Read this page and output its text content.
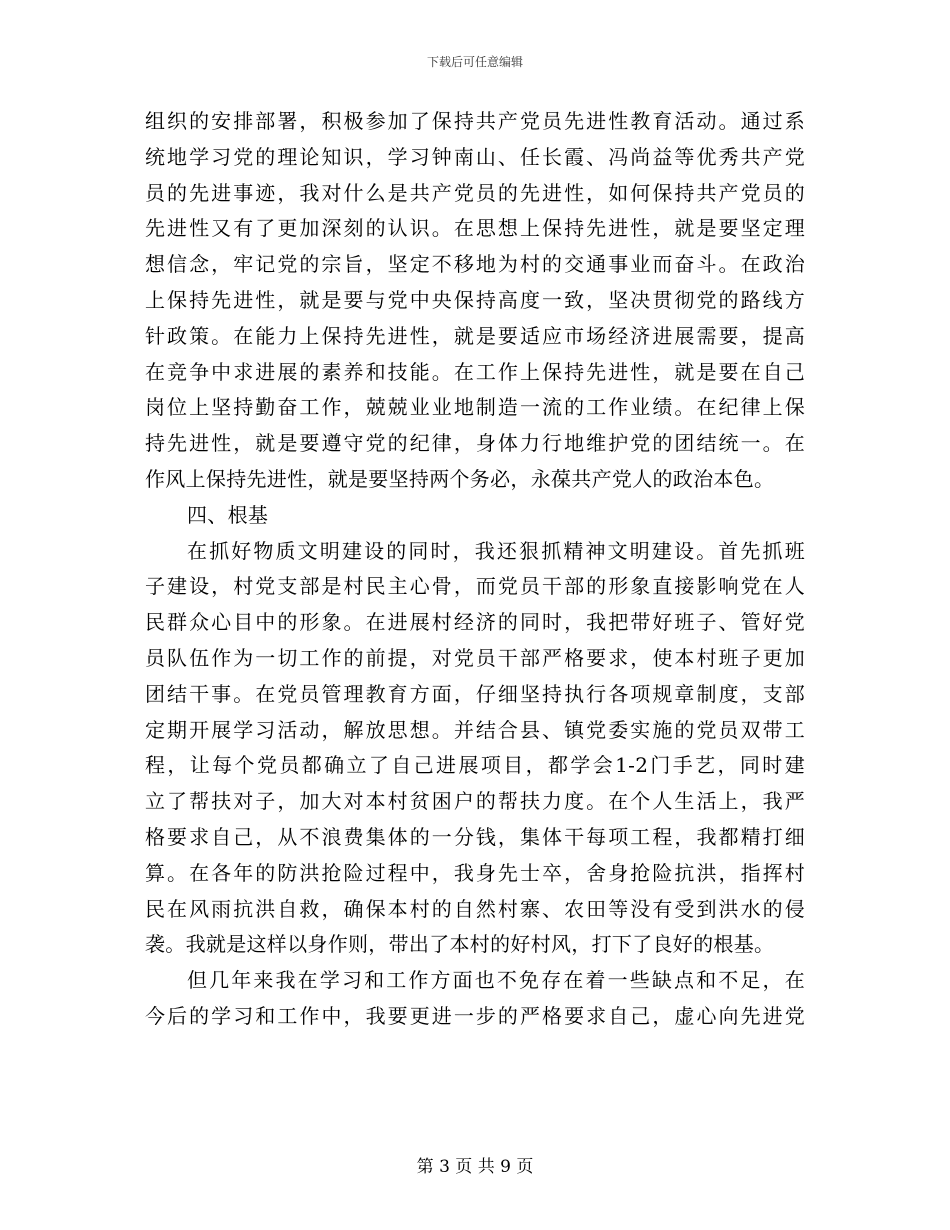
下载后可任意编辑
组织的安排部署，积极参加了保持共产党员先进性教育活动。通过系
统地学习党的理论知识，学习钟南山、任长霞、冯尚益等优秀共产党
员的先进事迹，我对什么是共产党员的先进性，如何保持共产党员的
先进性又有了更加深刻的认识。在思想上保持先进性，就是要坚定理
想信念，牢记党的宗旨，坚定不移地为村的交通事业而奋斗。在政治
上保持先进性，就是要与党中央保持高度一致，坚决贯彻党的路线方
针政策。在能力上保持先进性，就是要适应市场经济进展需要，提高
在竞争中求进展的素养和技能。在工作上保持先进性，就是要在自己
岗位上坚持勤奋工作，兢兢业业地制造一流的工作业绩。在纪律上保
持先进性，就是要遵守党的纪律，身体力行地维护党的团结统一。在
作风上保持先进性，就是要坚持两个务必，永葆共产党人的政治本色。
四、根基
在抓好物质文明建设的同时，我还狠抓精神文明建设。首先抓班
子建设，村党支部是村民主心骨，而党员干部的形象直接影响党在人
民群众心目中的形象。在进展村经济的同时，我把带好班子、管好党
员队伍作为一切工作的前提，对党员干部严格要求，使本村班子更加
团结干事。在党员管理教育方面，仔细坚持执行各项规章制度，支部
定期开展学习活动，解放思想。并结合县、镇党委实施的党员双带工
程，让每个党员都确立了自己进展项目，都学会1-2门手艺，同时建
立了帮扶对子，加大对本村贫困户的帮扶力度。在个人生活上，我严
格要求自己，从不浪费集体的一分钱，集体干每项工程，我都精打细
算。在各年的防洪抢险过程中，我身先士卒，舍身抢险抗洪，指挥村
民在风雨抗洪自救，确保本村的自然村寨、农田等没有受到洪水的侵
袭。我就是这样以身作则，带出了本村的好村风，打下了良好的根基。
但几年来我在学习和工作方面也不免存在着一些缺点和不足，在
今后的学习和工作中，我要更进一步的严格要求自己，虚心向先进党
第 3 页 共 9 页
